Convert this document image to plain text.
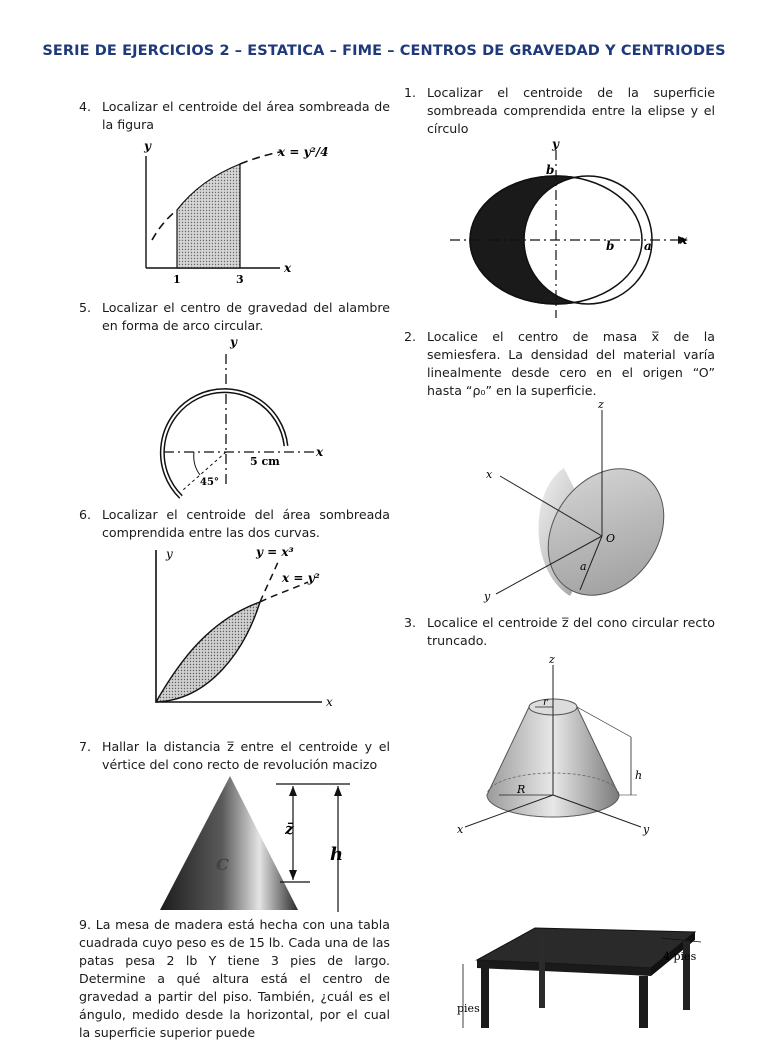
SERIE DE EJERCICIOS 2 – ESTATICA – FIME – CENTROS DE GRAVEDAD Y CENTRIODES
4. Localizar el centroide del área sombreada de la figura
y
x
x = y²/4
1	3
5. Localizar el centro de gravedad del alambre en forma de arco circular.
y
x
5 cm
45°
6. Localizar el centroide del área sombreada comprendida entre las dos curvas.
y
x
y = x³
x = y²
7. Hallar la distancia z̅ entre el centroide y el vértice del cono recto de revolución macizo
z̄
h
C
9. La mesa de madera está hecha con una tabla cuadrada cuyo peso es de 15 lb. Cada una de las patas pesa 2 lb Y tiene 3 pies de largo. Determine a qué altura está el centro de gravedad a partir del piso. También, ¿cuál es el ángulo, medido desde la horizontal, por el cual la superficie superior puede
1. Localizar el centroide de la superficie sombreada comprendida entre la elipse y el círculo
y
x
b
b a
2. Localice el centro de masa x̅ de la semiesfera. La densidad del material varía linealmente desde cero en el origen “O” hasta “ρ₀” en la superficie.
z
x
y
O
a
3. Localice el centroide z̅ del cono circular recto truncado.
z
x	y
r
R
h
4 pies
pies
